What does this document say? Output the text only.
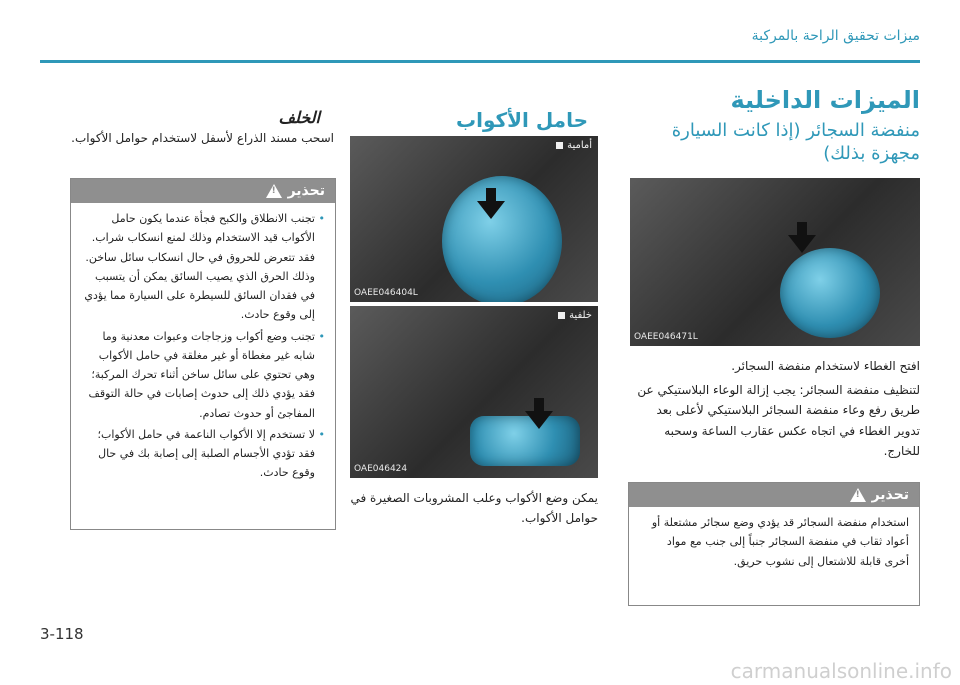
ميزات تحقيق الراحة بالمركبة
الميزات الداخلية
منفضة السجائر (إذا كانت السيارة مجهزة بذلك)
OAEE046471L
افتح الغطاء لاستخدام منفضة السجائر.
لتنظيف منفضة السجائر: يجب إزالة الوعاء البلاستيكي عن طريق رفع وعاء منفضة السجائر البلاستيكي لأعلى بعد تدوير الغطاء في اتجاه عكس عقارب الساعة وسحبه للخارج.
تحذير
!
استخدام منفضة السجائر قد يؤدي وضع سجائر مشتعلة أو أعواد ثقاب في منفضة السجائر جنباً إلى جنب مع مواد أخرى قابلة للاشتعال إلى نشوب حريق.
حامل الأكواب
أمامية
OAEE046404L
خلفية
OAE046424
يمكن وضع الأكواب وعلب المشروبات الصغيرة في حوامل الأكواب.
الخلف
اسحب مسند الذراع لأسفل لاستخدام حوامل الأكواب.
تحذير
!
• تجنب الانطلاق والكبح فجأة عندما يكون حامل الأكواب قيد الاستخدام وذلك لمنع انسكاب شراب. فقد تتعرض للحروق في حال انسكاب سائل ساخن. وذلك الحرق الذي يصيب السائق يمكن أن يتسبب في فقدان السائق للسيطرة على السيارة مما يؤدي إلى وقوع حادث.
• تجنب وضع أكواب وزجاجات وعبوات معدنية وما شابه غير مغطاة أو غير مغلقة في حامل الأكواب وهي تحتوي على سائل ساخن أثناء تحرك المركبة؛ فقد يؤدي ذلك إلى حدوث إصابات في حالة التوقف المفاجئ أو حدوث تصادم.
• لا تستخدم إلا الأكواب الناعمة في حامل الأكواب؛ فقد تؤدي الأجسام الصلبة إلى إصابة بك في حال وقوع حادث.
3-118
carmanualsonline.info
